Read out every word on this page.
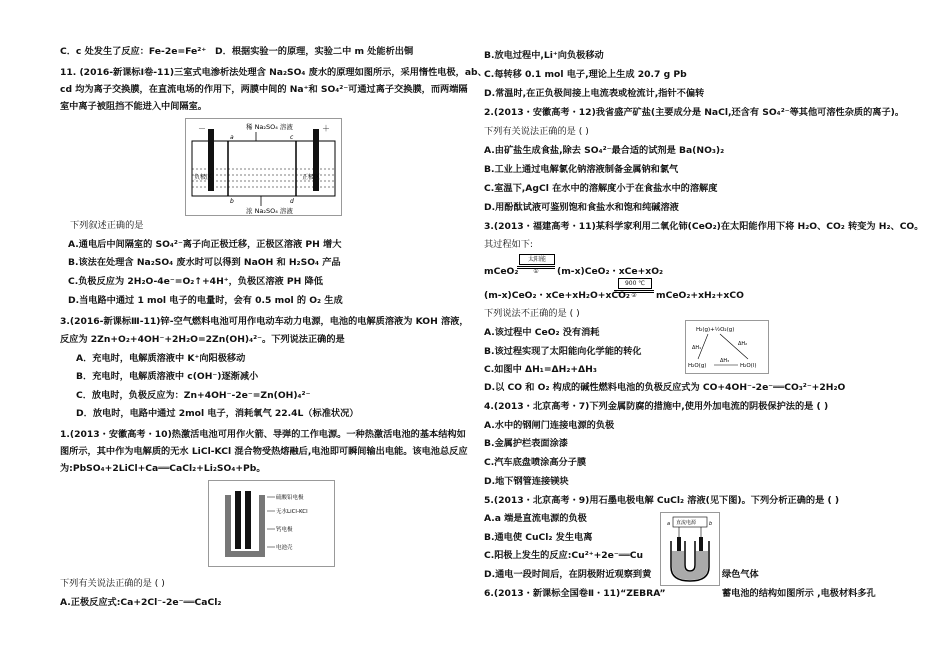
C．c 处发生了反应：Fe-2e=Fe²⁺ D．根据实验一的原理，实验二中 m 处能析出铜
11. (2016-新课标Ⅰ卷-11)三室式电渗析法处理含 Na₂SO₄ 废水的原理如图所示，采用惰性电极，ab、
cd 均为离子交换膜，在直流电场的作用下，两膜中间的 Na⁺和 SO₄²⁻可通过离子交换膜，而两端隔
室中离子被阻挡不能进入中间隔室。
稀 Na₂SO₄ 溶液
－	＋
负极区	正极区
a
b
c
d
浓 Na₂SO₄ 溶液
下列叙述正确的是
A.通电后中间隔室的 SO₄²⁻离子向正极迁移，正极区溶液 PH 增大
B.该法在处理含 Na₂SO₄ 废水时可以得到 NaOH 和 H₂SO₄ 产品
C.负极反应为 2H₂O-4e⁻=O₂↑+4H⁺，负极区溶液 PH 降低
D.当电路中通过 1 mol 电子的电量时，会有 0.5 mol 的 O₂ 生成
3.(2016-新课标Ⅲ-11)锌-空气燃料电池可用作电动车动力电源，电池的电解质溶液为 KOH 溶液，
反应为 2Zn+O₂+4OH⁻+2H₂O=2Zn(OH)₄²⁻。下列说法正确的是
A．充电时，电解质溶液中 K⁺向阳极移动
B．充电时，电解质溶液中 c(OH⁻)逐渐减小
C．放电时，负极反应为：Zn+4OH⁻-2e⁻=Zn(OH)₄²⁻
D．放电时，电路中通过 2mol 电子，消耗氧气 22.4L（标准状况）
1.(2013・安徽高考・10)热激活电池可用作火箭、导弹的工作电源。一种热激活电池的基本结构如
图所示，其中作为电解质的无水 LiCl-KCl 混合物受热熔融后,电池即可瞬间输出电能。该电池总反应
为:PbSO₄+2LiCl+Ca══CaCl₂+Li₂SO₄+Pb。
硫酸铅电极
无水LiCl-KCl
钙电极
电池壳
下列有关说法正确的是 ( )
A.正极反应式:Ca+2Cl⁻-2e⁻══CaCl₂
B.放电过程中,Li⁺向负极移动
C.每转移 0.1 mol 电子,理论上生成 20.7 g Pb
D.常温时,在正负极间接上电流表或检流计,指针不偏转
2.(2013・安徽高考・12)我省盛产矿盐(主要成分是 NaCl,还含有 SO₄²⁻等其他可溶性杂质的离子)。
下列有关说法正确的是 ( )
A.由矿盐生成食盐,除去 SO₄²⁻最合适的试剂是 Ba(NO₃)₂
B.工业上通过电解氯化钠溶液制备金属钠和氯气
C.室温下,AgCl 在水中的溶解度小于在食盐水中的溶解度
D.用酚酞试液可鉴别饱和食盐水和饱和纯碱溶液
3.(2013・福建高考・11)某科学家利用二氧化铈(CeO₂)在太阳能作用下将 H₂O、CO₂ 转变为 H₂、CO。
其过程如下:
mCeO₂
太阳能
①	(m-x)CeO₂・xCe+xO₂
(m-x)CeO₂・xCe+xH₂O+xCO₂
900 ℃
②	mCeO₂+xH₂+xCO
下列说法不正确的是 ( )
A.该过程中 CeO₂ 没有消耗
B.该过程实现了太阳能向化学能的转化
C.如图中 ΔH₁=ΔH₂+ΔH₃
D.以 CO 和 O₂ 构成的碱性燃料电池的负极反应式为 CO+4OH⁻-2e⁻══CO₃²⁻+2H₂O
H₂(g)+½O₂(g)
ΔH₁
ΔH₂
H₂O(g)	H₂O(l)
ΔH₃
4.(2013・北京高考・7)下列金属防腐的措施中,使用外加电流的阴极保护法的是 ( )
A.水中的钢闸门连接电源的负极
B.金属护栏表面涂漆
C.汽车底盘喷涂高分子膜
D.地下钢管连接镁块
5.(2013・北京高考・9)用石墨电极电解 CuCl₂ 溶液(见下图)。下列分析正确的是 ( )
A.a 端是直流电源的负极
B.通电使 CuCl₂ 发生电离
C.阳极上发生的反应:Cu²⁺+2e⁻══Cu
D.通电一段时间后，在阴极附近观察到黄	绿色气体
直流电源
a	b
6.(2013・新课标全国卷Ⅱ・11)“ZEBRA”	蓄电池的结构如图所示 ,电极材料多孔
